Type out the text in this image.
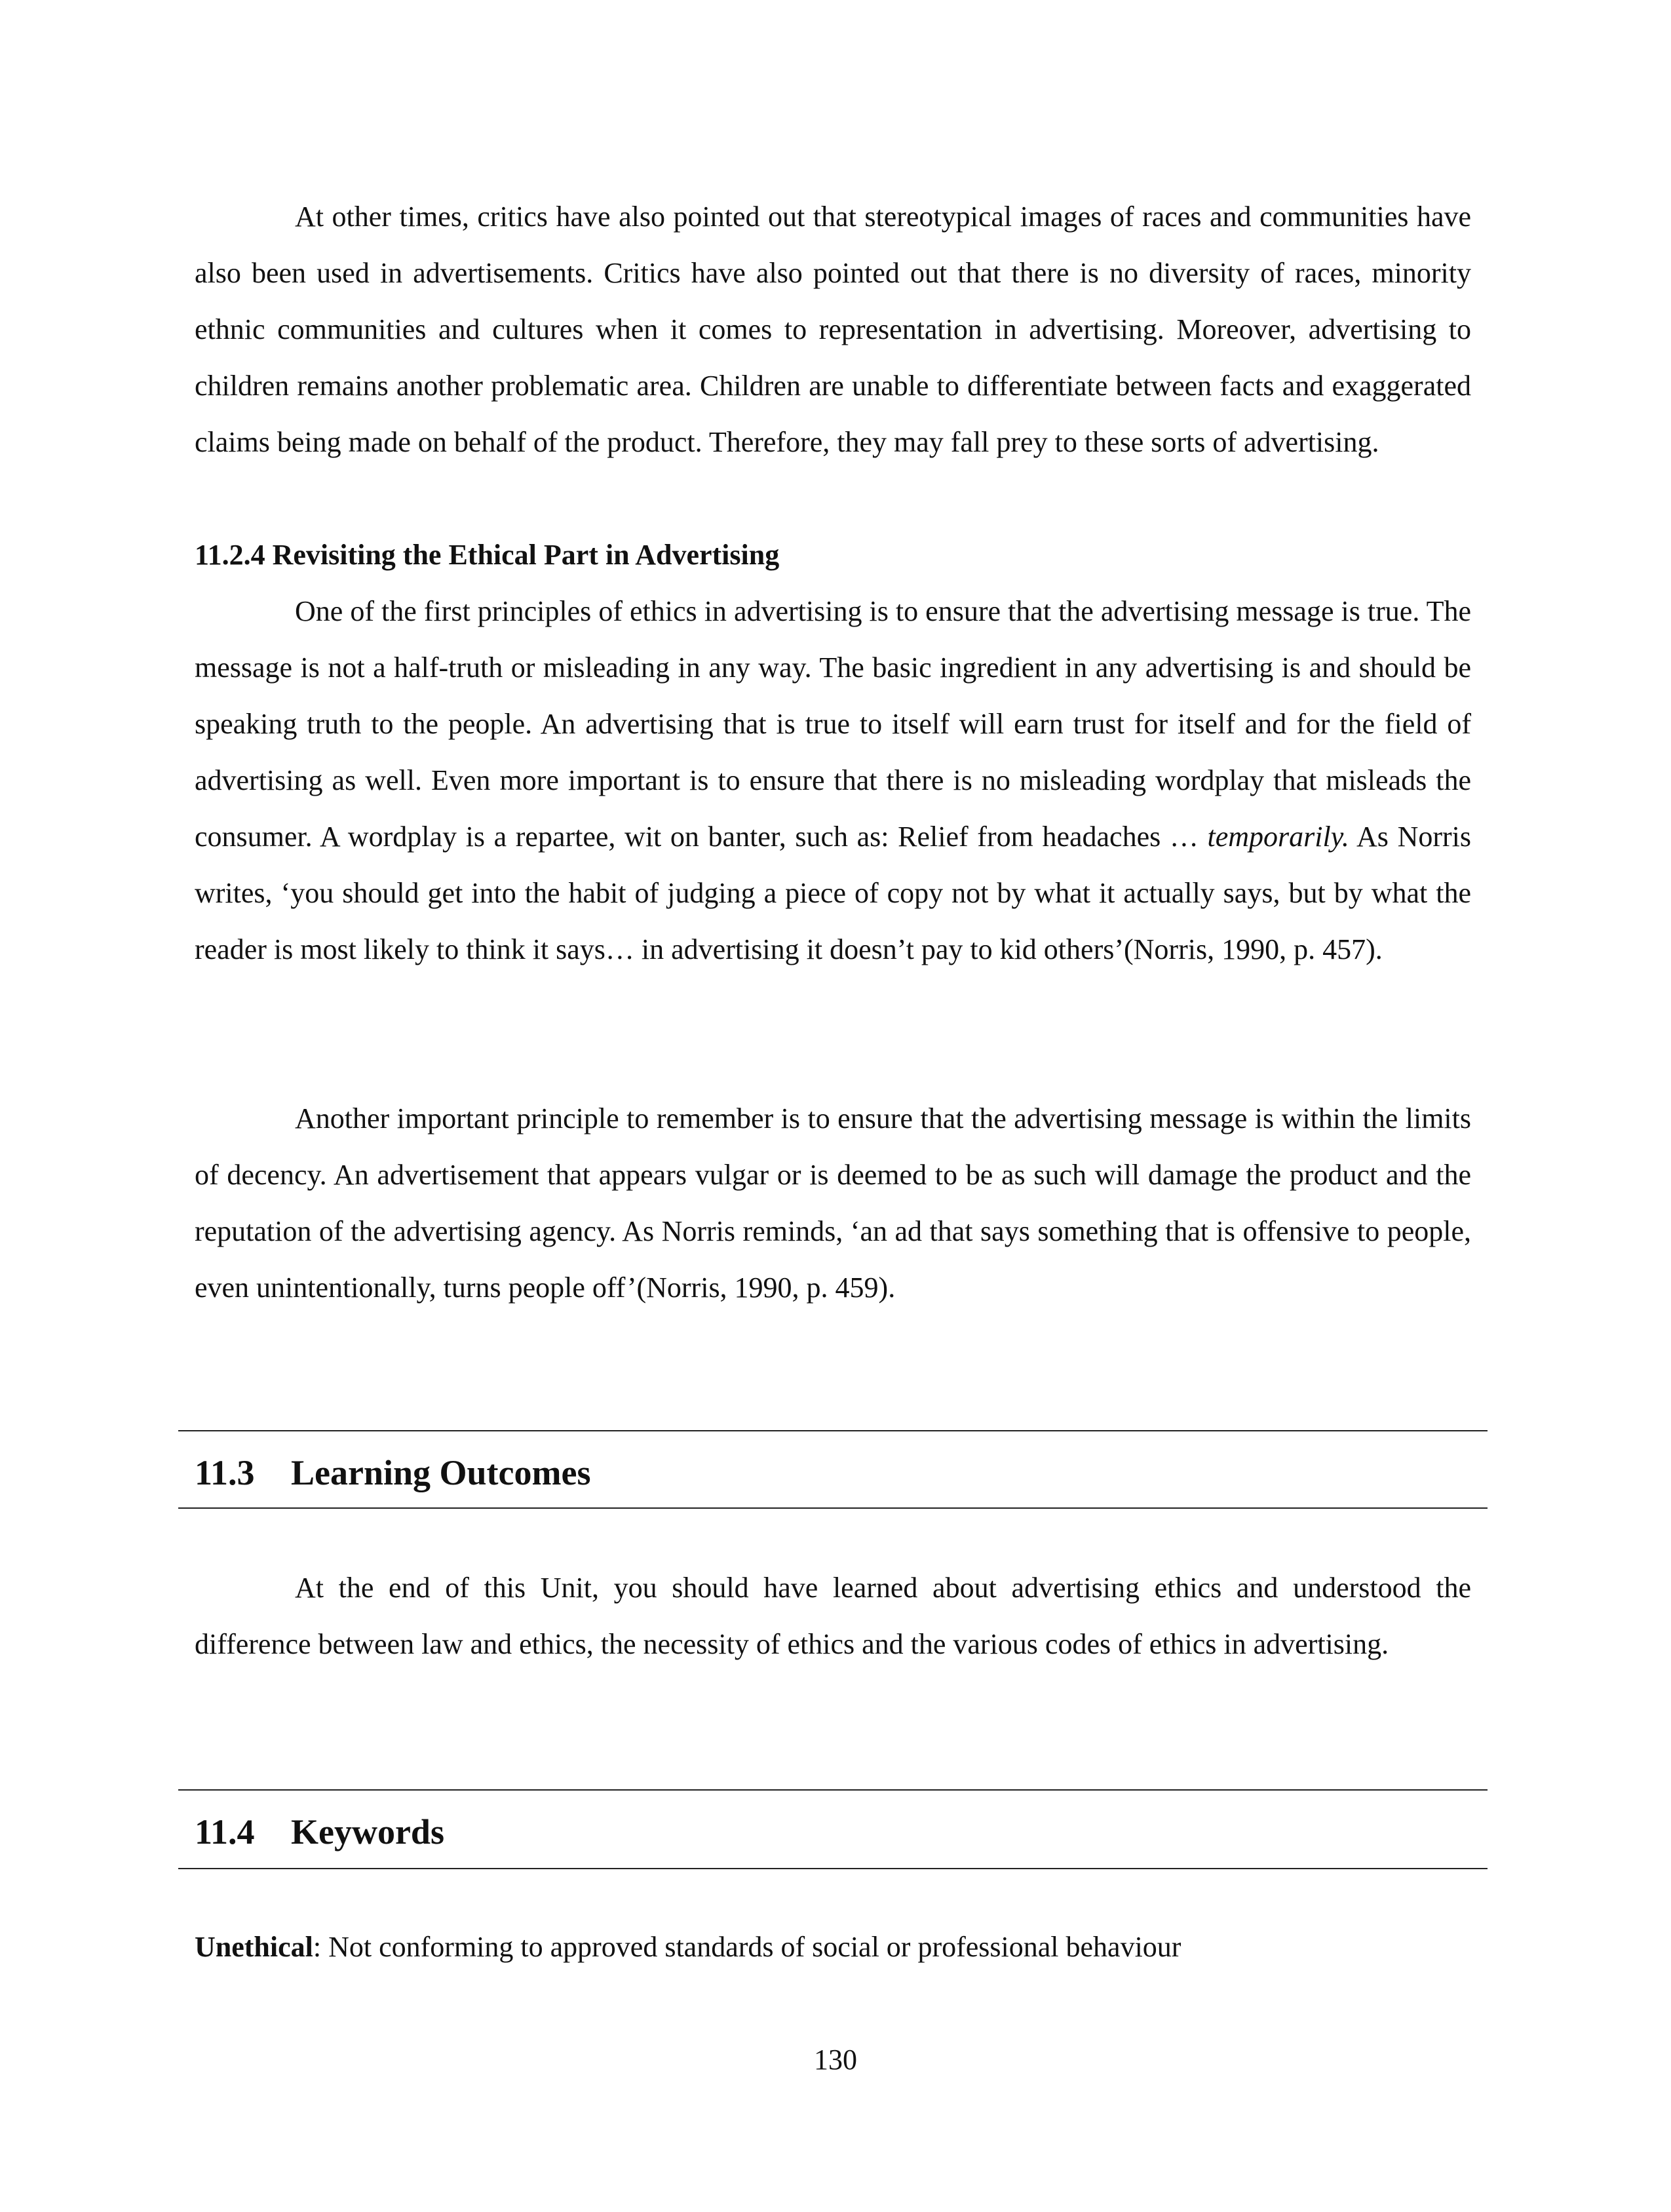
At other times, critics have also pointed out that stereotypical images of races and communities have also been used in advertisements. Critics have also pointed out that there is no diversity of races, minority ethnic communities and cultures when it comes to representation in advertising. Moreover, advertising to children remains another problematic area. Children are unable to differentiate between facts and exaggerated claims being made on behalf of the product. Therefore, they may fall prey to these sorts of advertising.

11.2.4 Revisiting the Ethical Part in Advertising

One of the first principles of ethics in advertising is to ensure that the advertising message is true. The message is not a half-truth or misleading in any way. The basic ingredient in any advertising is and should be speaking truth to the people. An advertising that is true to itself will earn trust for itself and for the field of advertising as well. Even more important is to ensure that there is no misleading wordplay that misleads the consumer. A wordplay is a repartee, wit on banter, such as: Relief from headaches … temporarily. As Norris writes, ‘you should get into the habit of judging a piece of copy not by what it actually says, but by what the reader is most likely to think it says… in advertising it doesn’t pay to kid others’(Norris, 1990, p. 457).

Another important principle to remember is to ensure that the advertising message is within the limits of decency. An advertisement that appears vulgar or is deemed to be as such will damage the product and the reputation of the advertising agency. As Norris reminds, ‘an ad that says something that is offensive to people, even unintentionally, turns people off’(Norris, 1990, p. 459).

11.3 Learning Outcomes

At the end of this Unit, you should have learned about advertising ethics and understood the difference between law and ethics, the necessity of ethics and the various codes of ethics in advertising.

11.4 Keywords

Unethical: Not conforming to approved standards of social or professional behaviour

130
